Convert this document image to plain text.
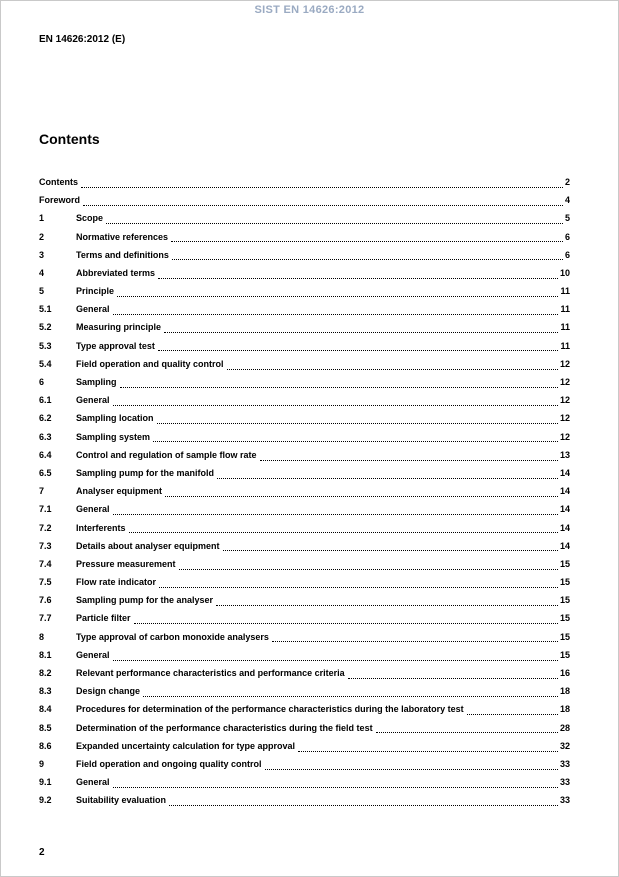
SIST EN 14626:2012
EN 14626:2012 (E)
Contents
Contents	2
Foreword	4
1	Scope	5
2	Normative references	6
3	Terms and definitions	6
4	Abbreviated terms	10
5	Principle	11
5.1	General	11
5.2	Measuring principle	11
5.3	Type approval test	11
5.4	Field operation and quality control	12
6	Sampling	12
6.1	General	12
6.2	Sampling location	12
6.3	Sampling system	12
6.4	Control and regulation of sample flow rate	13
6.5	Sampling pump for the manifold	14
7	Analyser equipment	14
7.1	General	14
7.2	Interferents	14
7.3	Details about analyser equipment	14
7.4	Pressure measurement	15
7.5	Flow rate indicator	15
7.6	Sampling pump for the analyser	15
7.7	Particle filter	15
8	Type approval of carbon monoxide analysers	15
8.1	General	15
8.2	Relevant performance characteristics and performance criteria	16
8.3	Design change	18
8.4	Procedures for determination of the performance characteristics during the laboratory test	18
8.5	Determination of the performance characteristics during the field test	28
8.6	Expanded uncertainty calculation for type approval	32
9	Field operation and ongoing quality control	33
9.1	General	33
9.2	Suitability evaluation	33
2
